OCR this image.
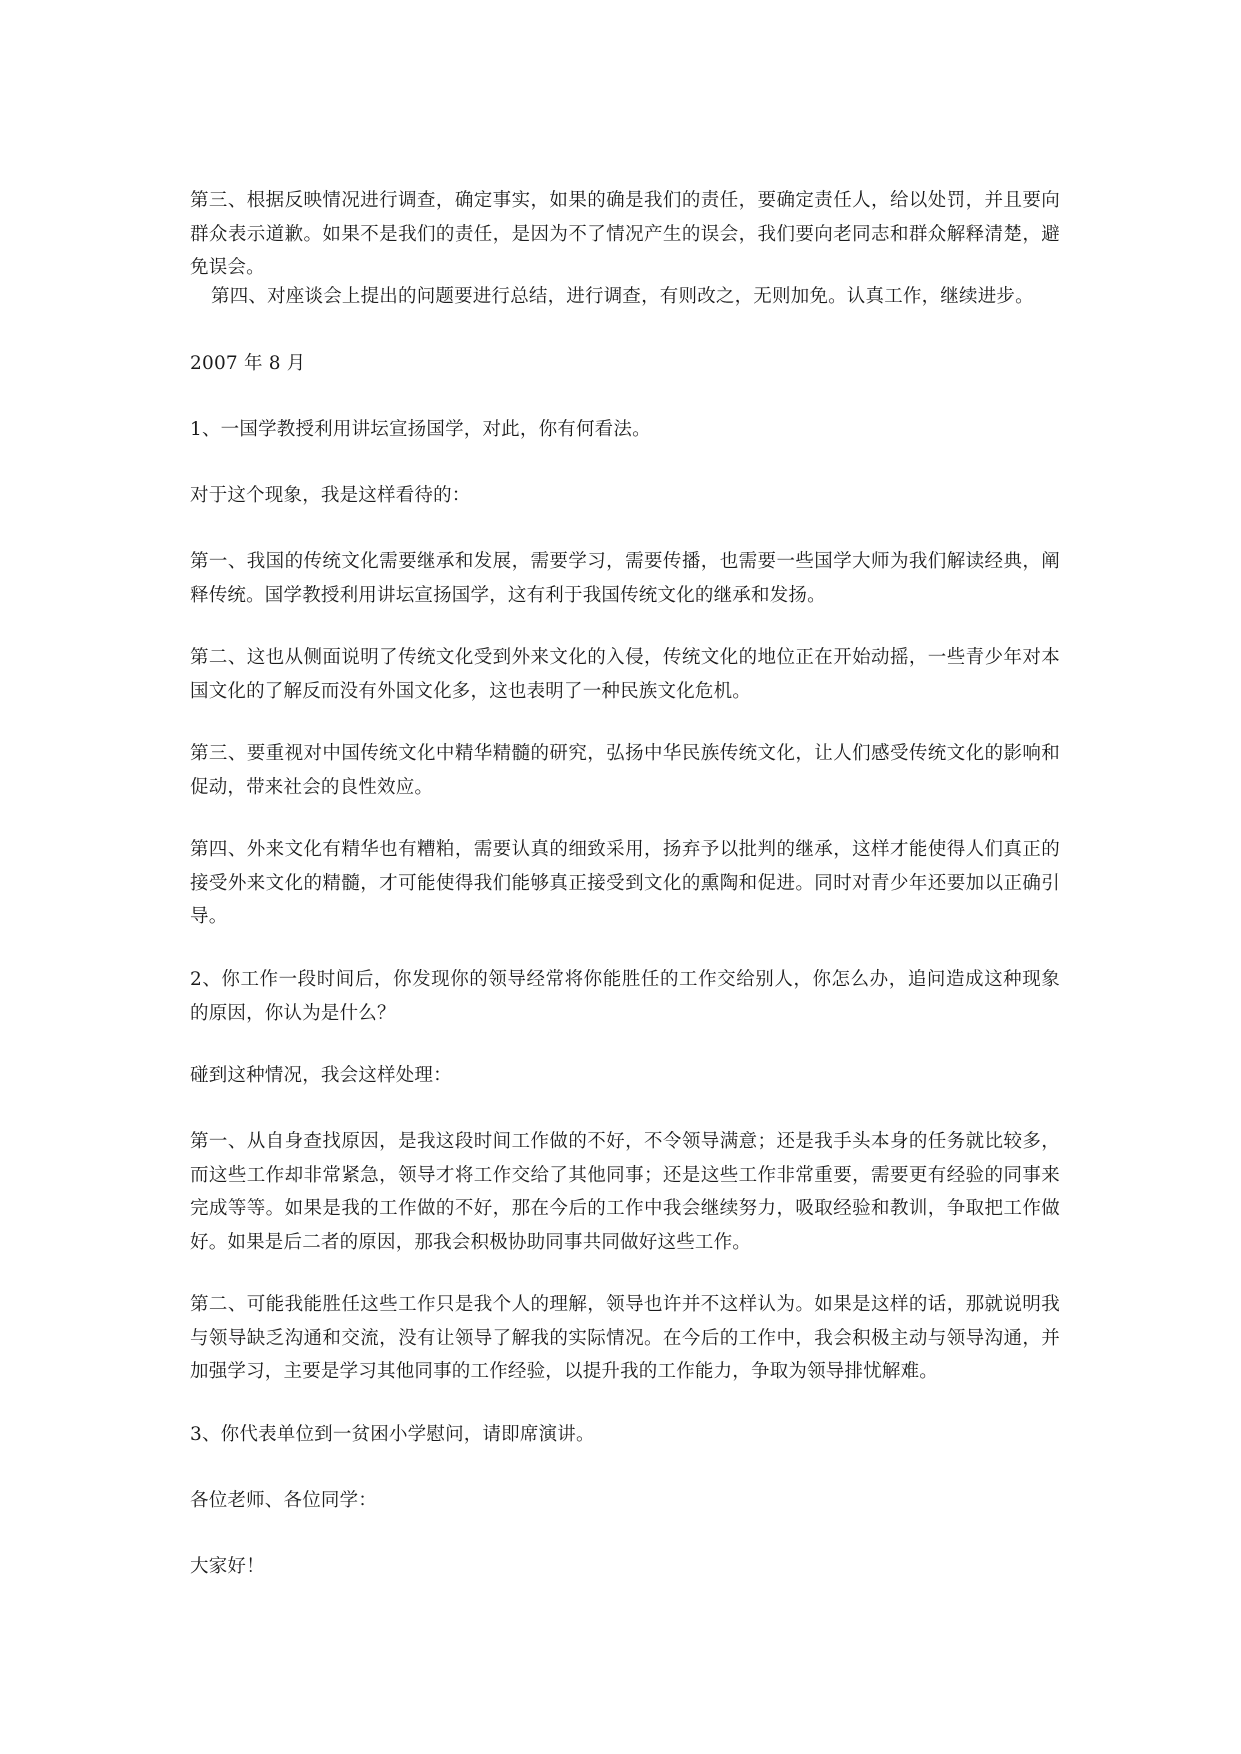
第三、根据反映情况进行调查，确定事实，如果的确是我们的责任，要确定责任人，给以处罚，并且要向群众表示道歉。如果不是我们的责任，是因为不了情况产生的误会，我们要向老同志和群众解释清楚，避免误会。

第四、对座谈会上提出的问题要进行总结，进行调查，有则改之，无则加免。认真工作，继续进步。

2007 年 8 月

1、一国学教授利用讲坛宣扬国学，对此，你有何看法。

对于这个现象，我是这样看待的：

第一、我国的传统文化需要继承和发展，需要学习，需要传播，也需要一些国学大师为我们解读经典，阐释传统。国学教授利用讲坛宣扬国学，这有利于我国传统文化的继承和发扬。

第二、这也从侧面说明了传统文化受到外来文化的入侵，传统文化的地位正在开始动摇，一些青少年对本国文化的了解反而没有外国文化多，这也表明了一种民族文化危机。

第三、要重视对中国传统文化中精华精髓的研究，弘扬中华民族传统文化，让人们感受传统文化的影响和促动，带来社会的良性效应。

第四、外来文化有精华也有糟粕，需要认真的细致采用，扬弃予以批判的继承，这样才能使得人们真正的接受外来文化的精髓，才可能使得我们能够真正接受到文化的熏陶和促进。同时对青少年还要加以正确引导。

2、你工作一段时间后，你发现你的领导经常将你能胜任的工作交给别人，你怎么办，追问造成这种现象的原因，你认为是什么？

碰到这种情况，我会这样处理：

第一、从自身查找原因，是我这段时间工作做的不好，不令领导满意；还是我手头本身的任务就比较多，而这些工作却非常紧急，领导才将工作交给了其他同事；还是这些工作非常重要，需要更有经验的同事来完成等等。如果是我的工作做的不好，那在今后的工作中我会继续努力，吸取经验和教训，争取把工作做好。如果是后二者的原因，那我会积极协助同事共同做好这些工作。

第二、可能我能胜任这些工作只是我个人的理解，领导也许并不这样认为。如果是这样的话，那就说明我与领导缺乏沟通和交流，没有让领导了解我的实际情况。在今后的工作中，我会积极主动与领导沟通，并加强学习，主要是学习其他同事的工作经验，以提升我的工作能力，争取为领导排忧解难。

3、你代表单位到一贫困小学慰问，请即席演讲。

各位老师、各位同学：

大家好！
